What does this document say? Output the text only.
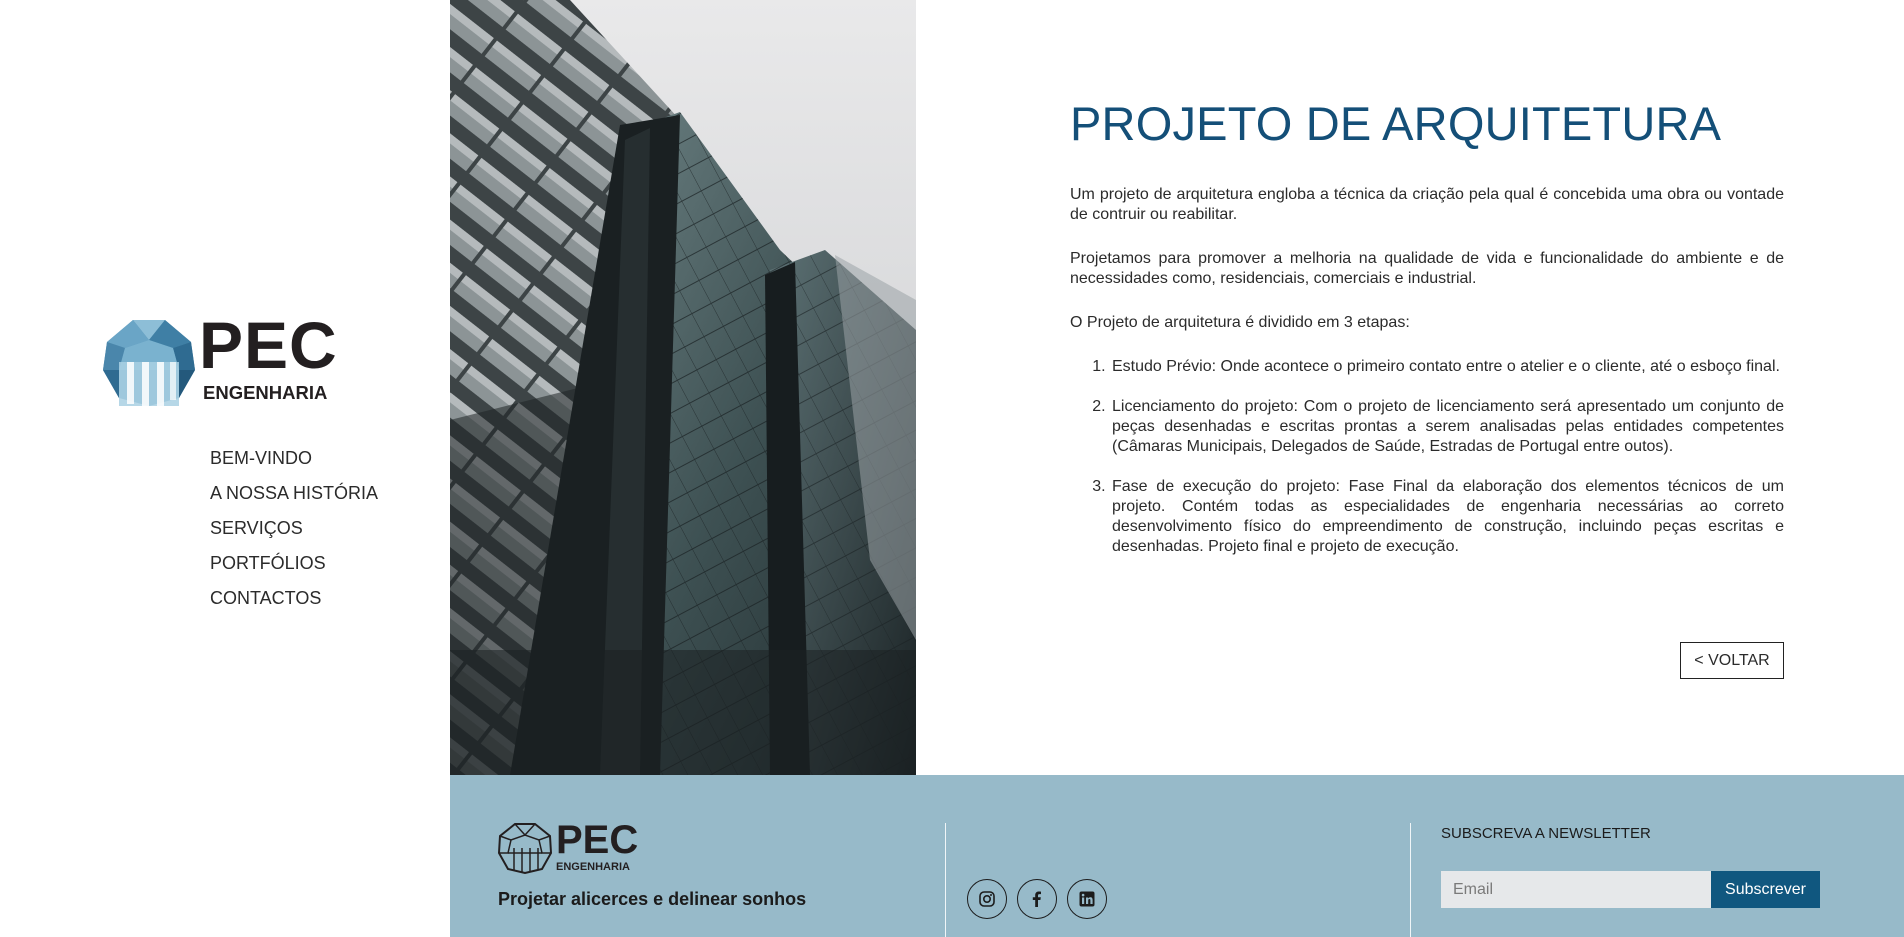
PEC
ENGENHARIA
BEM-VINDO
A NOSSA HISTÓRIA
SERVIÇOS
PORTFÓLIOS
CONTACTOS
PROJETO DE ARQUITETURA

Um projeto de arquitetura engloba a técnica da criação pela qual é concebida uma obra ou vontade de contruir ou reabilitar.

Projetamos para promover a melhoria na qualidade de vida e funcionalidade do ambiente e de necessidades como, residenciais, comerciais e industrial.

O Projeto de arquitetura é dividido em 3 etapas:

1. Estudo Prévio: Onde acontece o primeiro contato entre o atelier e o cliente, até o esboço final.
2. Licenciamento do projeto: Com o projeto de licenciamento será apresentado um conjunto de peças desenhadas e escritas prontas a serem analisadas pelas entidades competentes (Câmaras Municipais, Delegados de Saúde, Estradas de Portugal entre outos).
3. Fase de execução do projeto: Fase Final da elaboração dos elementos técnicos de um projeto. Contém todas as especialidades de engenharia necessárias ao correto desenvolvimento físico do empreendimento de construção, incluindo peças escritas e desenhadas. Projeto final e projeto de execução.
< VOLTAR
PEC
ENGENHARIA
Projetar alicerces e delinear sonhos
SUBSCREVA A NEWSLETTER
Email
Subscrever
